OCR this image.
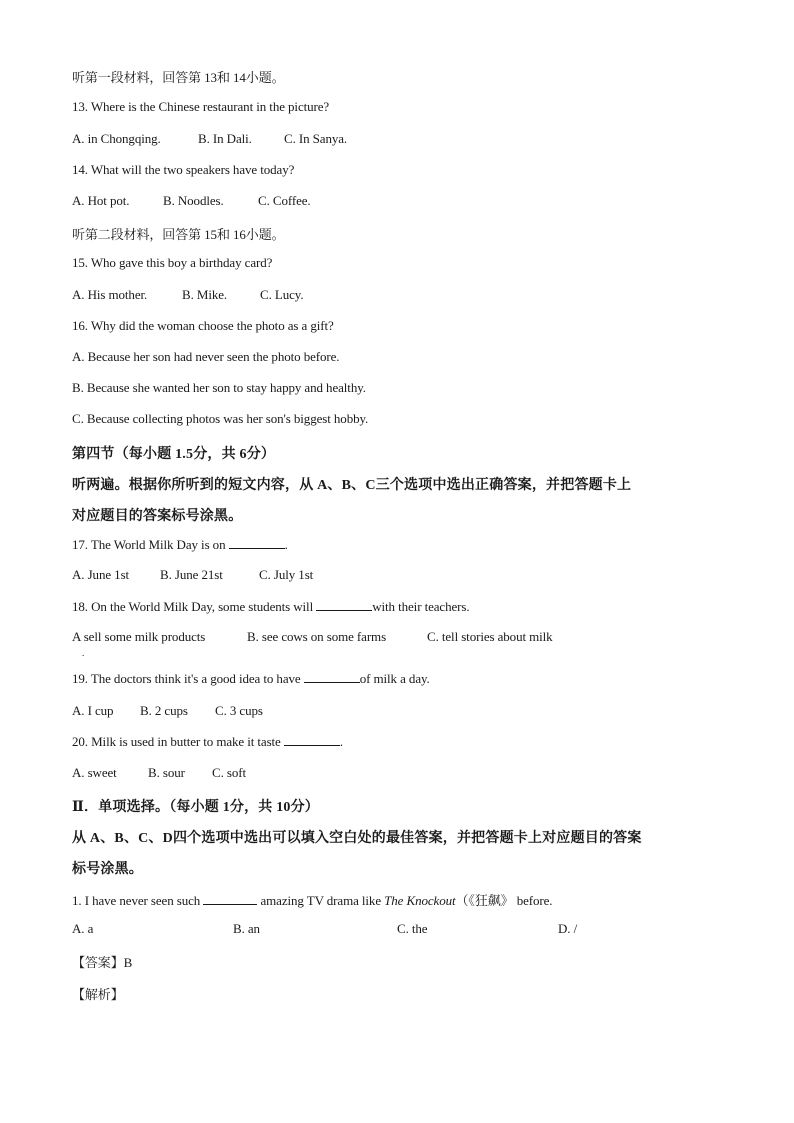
听第一段材料，回答第 13和 14小题。
13. Where is the Chinese restaurant in the picture?
A. in Chongqing.	B. In Dali. C. In Sanya.
14. What will the two speakers have today?
A. Hot pot.	B. Noodles.	C. Coffee.
听第二段材料，回答第 15和 16小题。
15. Who gave this boy a birthday card?
A. His mother.	B. Mike.	C. Lucy.
16. Why did the woman choose the photo as a gift?
A. Because her son had never seen the photo before.
B. Because she wanted her son to stay happy and healthy.
C. Because collecting photos was her son's biggest hobby.
第四节（每小题 1.5分，共 6分）
听两遍。根据你所听到的短文内容，从 A、B、C三个选项中选出正确答案，并把答题卡上
对应题目的答案标号涂黑。
17. The World Milk Day is on	.
A. June 1st B. June 21st	C. July 1st
18. On the World Milk Day, some students will	with their teachers.
A sell some milk products	B. see cows on some farms	C. tell stories about milk
.
19. The doctors think it's a good idea to have	of milk a day.
A. I cup B. 2 cups C. 3 cups
20. Milk is used in butter to make it taste	.
A. sweet B. sour C. soft
Ⅱ．单项选择。（每小题 1分，共 10分）
从 A、B、C、D四个选项中选出可以填入空白处的最佳答案，并把答题卡上对应题目的答案
标号涂黑。
1. I have never seen such	amazing TV drama like The Knockout（《狂飙》 before.
A. a	B. an	C. the	D. /
【答案】B
【解析】
